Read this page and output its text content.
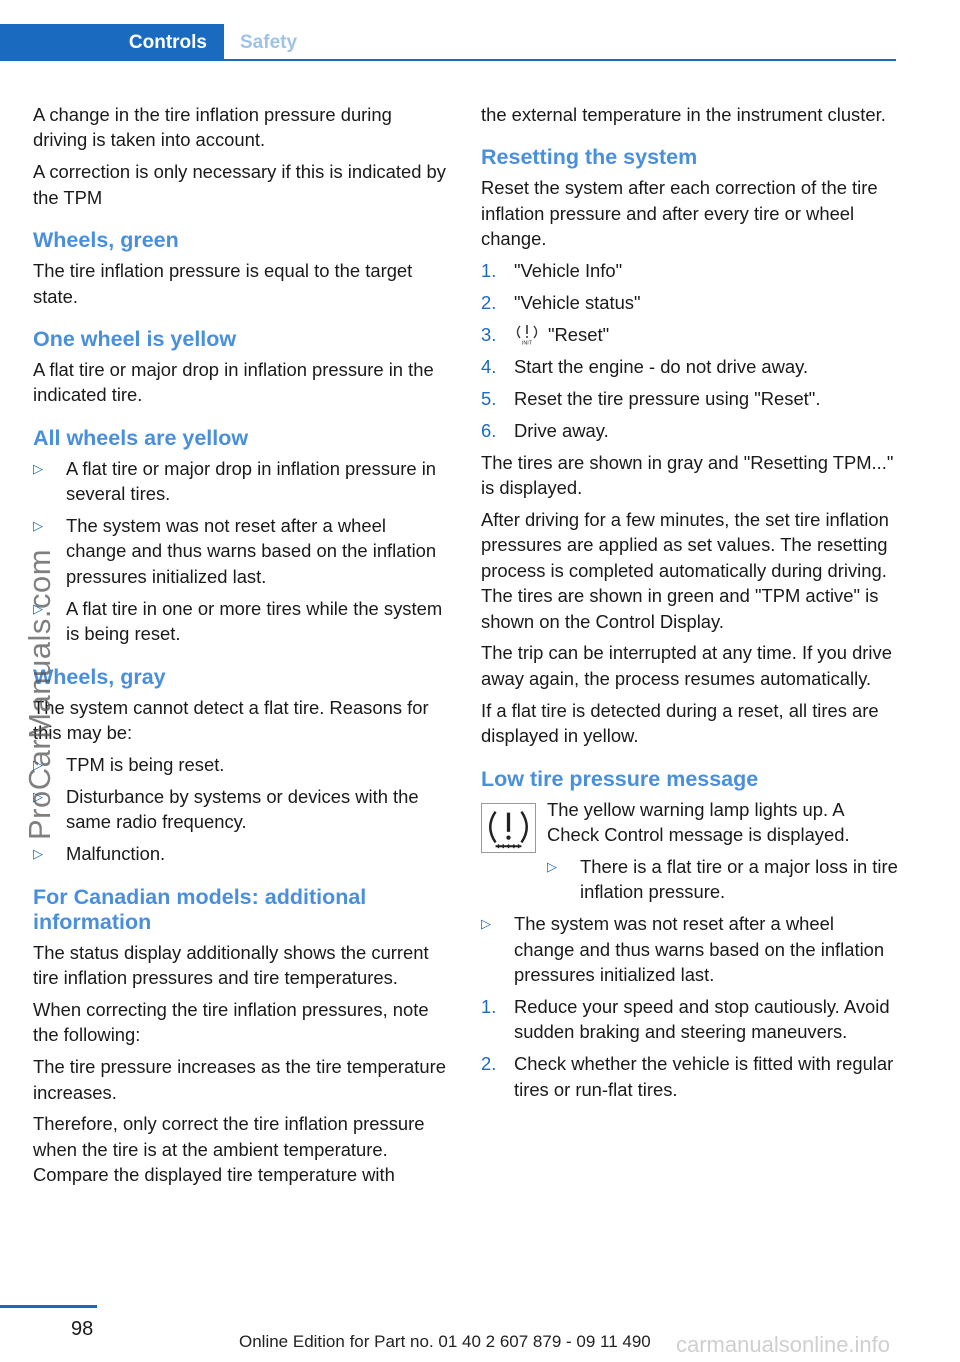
Controls	Safety

A change in the tire inflation pressure during driving is taken into account.

A correction is only necessary if this is indicated by the TPM

Wheels, green

The tire inflation pressure is equal to the target state.

One wheel is yellow

A flat tire or major drop in inflation pressure in the indicated tire.

All wheels are yellow
▷ A flat tire or major drop in inflation pressure in several tires.
▷ The system was not reset after a wheel change and thus warns based on the inflation pressures initialized last.
▷ A flat tire in one or more tires while the system is being reset.
Wheels, gray

The system cannot detect a flat tire. Reasons for this may be:

▷ TPM is being reset.
▷ Disturbance by systems or devices with the same radio frequency.
▷ Malfunction.
For Canadian models: additional information

The status display additionally shows the current tire inflation pressures and tire temperatures.

When correcting the tire inflation pressures, note the following:

The tire pressure increases as the tire temperature increases.

Therefore, only correct the tire inflation pressure when the tire is at the ambient temperature. Compare the displayed tire temperature with

the external temperature in the instrument cluster.

Resetting the system

Reset the system after each correction of the tire inflation pressure and after every tire or wheel change.

1. "Vehicle Info"
2. "Vehicle status"
3.	INIT "Reset"
4. Start the engine - do not drive away.
5. Reset the tire pressure using "Reset".
6. Drive away.

The tires are shown in gray and "Resetting TPM..." is displayed.

After driving for a few minutes, the set tire inflation pressures are applied as set values. The resetting process is completed automatically during driving. The tires are shown in green and "TPM active" is shown on the Control Display.

The trip can be interrupted at any time. If you drive away again, the process resumes automatically.

If a flat tire is detected during a reset, all tires are displayed in yellow.

Low tire pressure message

The yellow warning lamp lights up. A Check Control message is displayed.

▷ There is a flat tire or a major loss in tire inflation pressure.
▷ The system was not reset after a wheel change and thus warns based on the inflation pressures initialized last.
1. Reduce your speed and stop cautiously. Avoid sudden braking and steering maneuvers.
2. Check whether the vehicle is fitted with regular tires or run-flat tires.
98
Online Edition for Part no. 01 40 2 607 879 - 09 11 490
ProCarManuals.com
carmanualsonline.info
